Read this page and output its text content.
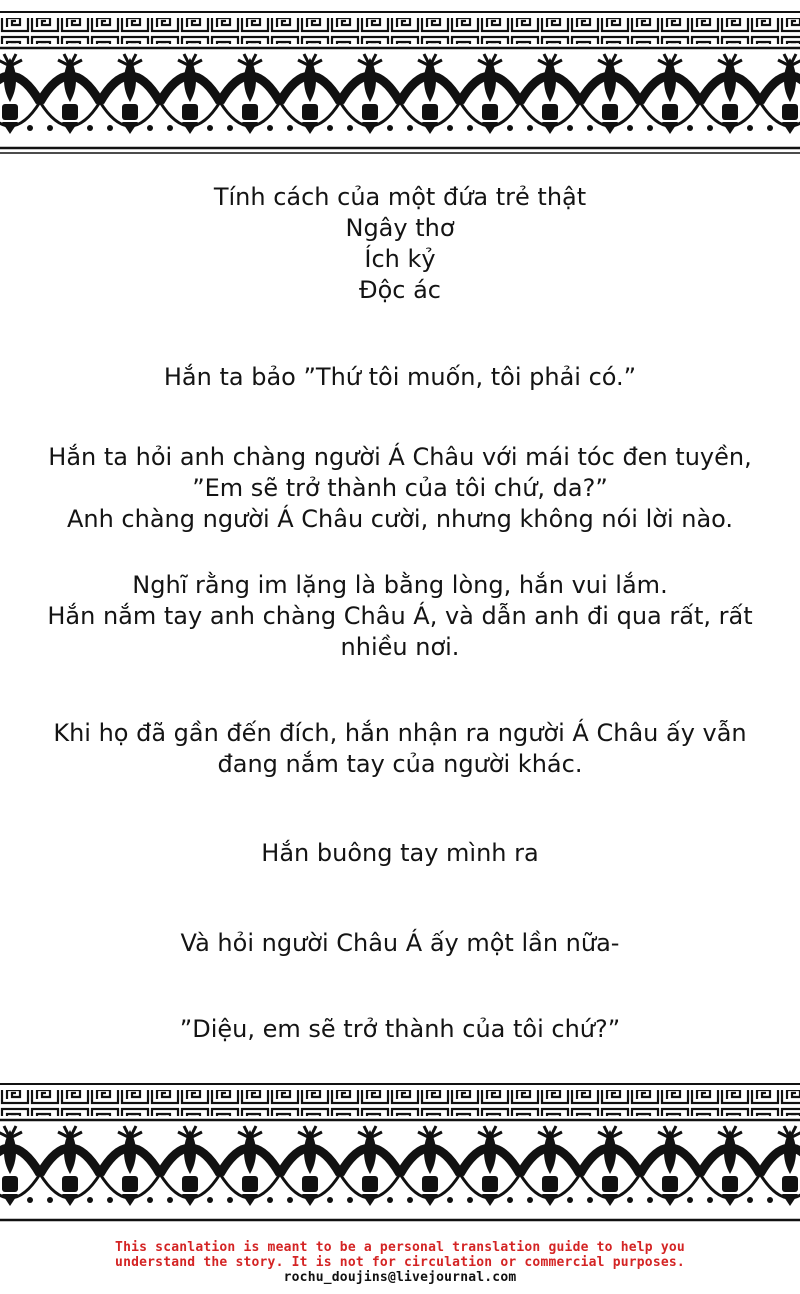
Tính cách của một đứa trẻ thật
Ngây thơ
Ích kỷ
Độc ác
Hắn ta bảo ”Thứ tôi muốn, tôi phải có.”
Hắn ta hỏi anh chàng người Á Châu với mái tóc đen tuyền,
”Em sẽ trở thành của tôi chứ, da?”
Anh chàng người Á Châu cười, nhưng không nói lời nào.
Nghĩ rằng im lặng là bằng lòng, hắn vui lắm.
Hắn nắm tay anh chàng Châu Á, và dẫn anh đi qua rất, rất
nhiều nơi.
Khi họ đã gần đến đích, hắn nhận ra người Á Châu ấy vẫn
đang nắm tay của người khác.
Hắn buông tay mình ra
Và hỏi người Châu Á ấy một lần nữa-
”Diệu, em sẽ trở thành của tôi chứ?”
This scanlation is meant to be a personal translation guide to help you
understand the story. It is not for circulation or commercial purposes.
rochu_doujins@livejournal.com
